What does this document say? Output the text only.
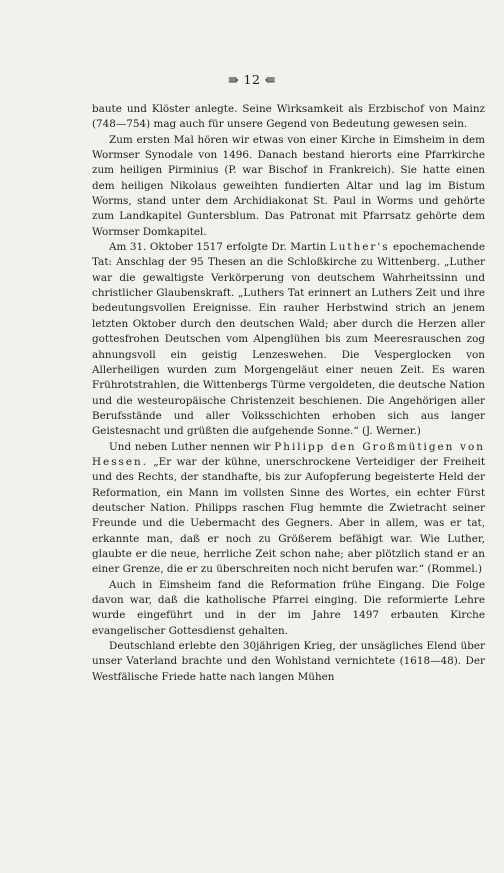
⇛ 12 ⇚

baute und Klöster anlegte. Seine Wirksamkeit als Erzbischof von Mainz (748—754) mag auch für unsere Gegend von Bedeutung gewesen sein.

Zum ersten Mal hören wir etwas von einer Kirche in Eimsheim in dem Wormser Synodale von 1496. Danach bestand hierorts eine Pfarrkirche zum heiligen Pirminius (P. war Bischof in Frankreich). Sie hatte einen dem heiligen Nikolaus geweihten fundierten Altar und lag im Bistum Worms, stand unter dem Archidiakonat St. Paul in Worms und gehörte zum Landkapitel Guntersblum. Das Patronat mit Pfarrsatz gehörte dem Wormser Domkapitel.

Am 31. Oktober 1517 erfolgte Dr. Martin Luther's epochemachende Tat: Anschlag der 95 Thesen an die Schloßkirche zu Wittenberg. „Luther war die gewaltigste Verkörperung von deutschem Wahrheitssinn und christlicher Glaubenskraft. „Luthers Tat erinnert an Luthers Zeit und ihre bedeutungsvollen Ereignisse. Ein rauher Herbstwind strich an jenem letzten Oktober durch den deutschen Wald; aber durch die Herzen aller gottesfrohen Deutschen vom Alpenglühen bis zum Meeresrauschen zog ahnungsvoll ein geistig Lenzeswehen. Die Vesperglocken von Allerheiligen wurden zum Morgengeläut einer neuen Zeit. Es waren Frührotstrahlen, die Wittenbergs Türme vergoldeten, die deutsche Nation und die westeuropäische Christenzeit beschienen. Die Angehörigen aller Berufsstände und aller Volksschichten erhoben sich aus langer Geistesnacht und grüßten die aufgehende Sonne.“ (J. Werner.)

Und neben Luther nennen wir Philipp den Großmütigen von Hessen. „Er war der kühne, unerschrockene Verteidiger der Freiheit und des Rechts, der standhafte, bis zur Aufopferung begeisterte Held der Reformation, ein Mann im vollsten Sinne des Wortes, ein echter Fürst deutscher Nation. Philipps raschen Flug hemmte die Zwietracht seiner Freunde und die Uebermacht des Gegners. Aber in allem, was er tat, erkannte man, daß er noch zu Größerem befähigt war. Wie Luther, glaubte er die neue, herrliche Zeit schon nahe; aber plötzlich stand er an einer Grenze, die er zu überschreiten noch nicht berufen war.“ (Rommel.)

Auch in Eimsheim fand die Reformation frühe Eingang. Die Folge davon war, daß die katholische Pfarrei einging. Die reformierte Lehre wurde eingeführt und in der im Jahre 1497 erbauten Kirche evangelischer Gottesdienst gehalten.

Deutschland erlebte den 30jährigen Krieg, der unsägliches Elend über unser Vaterland brachte und den Wohlstand vernichtete (1618—48). Der Westfälische Friede hatte nach langen Mühen
